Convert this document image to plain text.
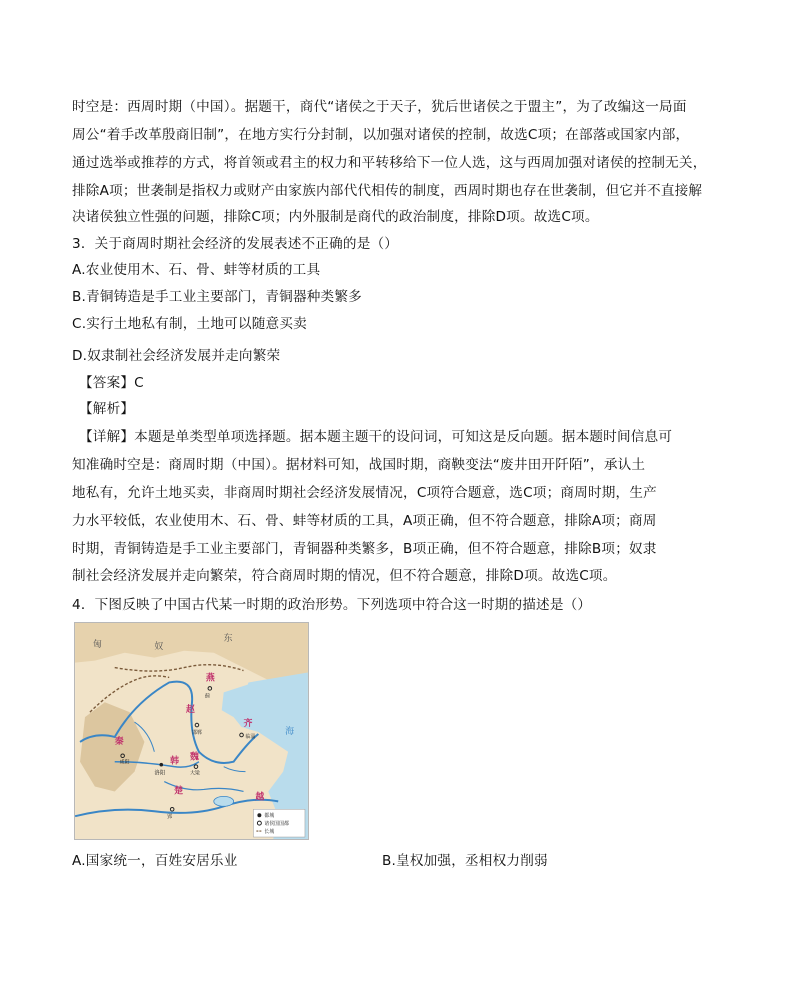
时空是：西周时期（中国）。据题干，商代“诸侯之于天子，犹后世诸侯之于盟主”，为了改编这一局面
周公“着手改革殷商旧制”，在地方实行分封制，以加强对诸侯的控制，故选C项；在部落或国家内部，
通过选举或推荐的方式，将首领或君主的权力和平转移给下一位人选，这与西周加强对诸侯的控制无关，
排除A项；世袭制是指权力或财产由家族内部代代相传的制度，西周时期也存在世袭制，但它并不直接解
决诸侯独立性强的问题，排除C项；内外服制是商代的政治制度，排除D项。故选C项。
3．关于商周时期社会经济的发展表述不正确的是（）
A.农业使用木、石、骨、蚌等材质的工具
B.青铜铸造是手工业主要部门，青铜器种类繁多
C.实行土地私有制，土地可以随意买卖
D.奴隶制社会经济发展并走向繁荣
【答案】C
【解析】
【详解】本题是单类型单项选择题。据本题主题干的设问词，可知这是反向题。据本题时间信息可
知准确时空是：商周时期（中国）。据材料可知，战国时期，商鞅变法“废井田开阡陌”，承认土
地私有，允许土地买卖，非商周时期社会经济发展情况，C项符合题意，选C项；商周时期，生产
力水平较低，农业使用木、石、骨、蚌等材质的工具，A项正确，但不符合题意，排除A项；商周
时期，青铜铸造是手工业主要部门，青铜器种类繁多，B项正确，但不符合题意，排除B项；奴隶
制社会经济发展并走向繁荣，符合商周时期的情况，但不符合题意，排除D项。故选C项。
4．下图反映了中国古代某一时期的政治形势。下列选项中符合这一时期的描述是（）
匈	奴
东
燕
蓟
赵
邯郸
齐
临淄
秦
咸阳
洛阳
韩 魏
大梁
楚
郢
越
海
都城
诸侯国国都
长城
A.国家统一，百姓安居乐业	B.皇权加强，丞相权力削弱
